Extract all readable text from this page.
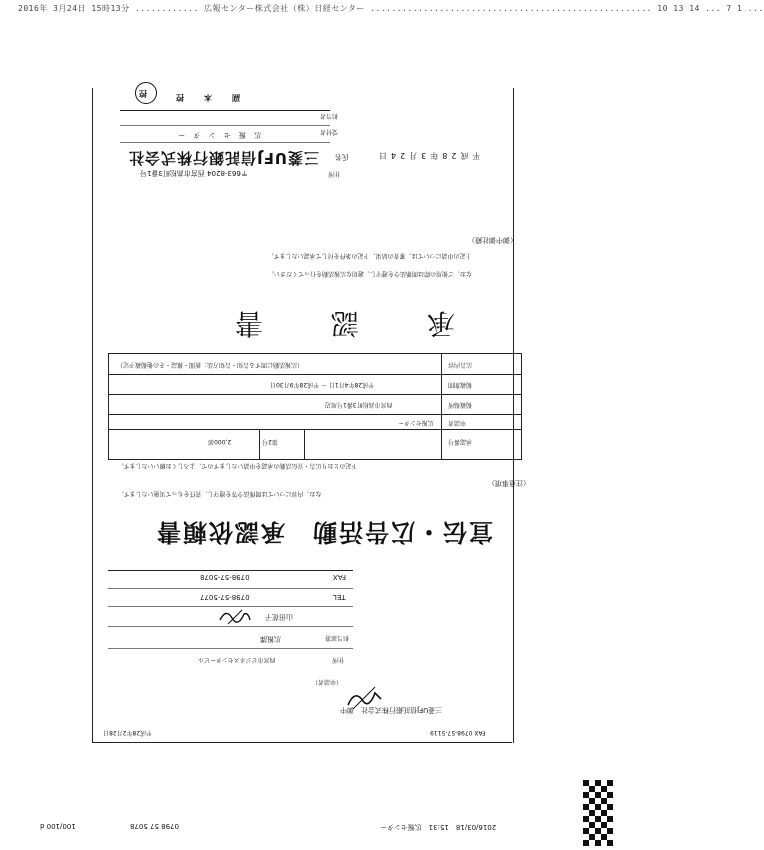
2016年 3月24日 15時13分 ............ 広報センター株式会社（株）日経センター ..................................................... 10 13 14 ... 7 1 ...
控	副　本　控
担当者
受付者
広 報 セ ン タ ー
三菱UFJ信託銀行株式会社 氏名	平成28年3月24日
〒663-8204 西宮市高松町3番1号	住所
（御中御社殿）
上記の申請については、審査の結果、下記の条件を付して承認いたします。
なお、ご使用の際は関係法令を遵守し、適切な広報活動を行ってください。
承　認　書
（広報活動に関する告知・告知方法：新聞・雑誌・その他掲載予定）	広告内容
平成28年4月1日 ～ 平成28年9月30日	掲載期間
西宮市高松町3番1号周辺	掲載場所
広報センター 申請者
2,000部	第2号	承認番号
下記のとおり広告・宣伝活動の承認を申請いたしますので、よろしくお願いいたします。
なお、内容については関係法令等を遵守し、責任をもって実施いたします。
（注意事項）
宣伝・広告活動　承認依頼書
0798-57-5078	FAX
0798-57-5077	TEL
山田花子
広報課	担当部署
西宮市ビジネスセンタービル	住所
（申請者）
三菱UFJ信託銀行株式会社　御中
平成28年2月28日	FAX 0798-57-5119
100/100 d	0798 57 5078	2016/03/18　15:31　広報センター
